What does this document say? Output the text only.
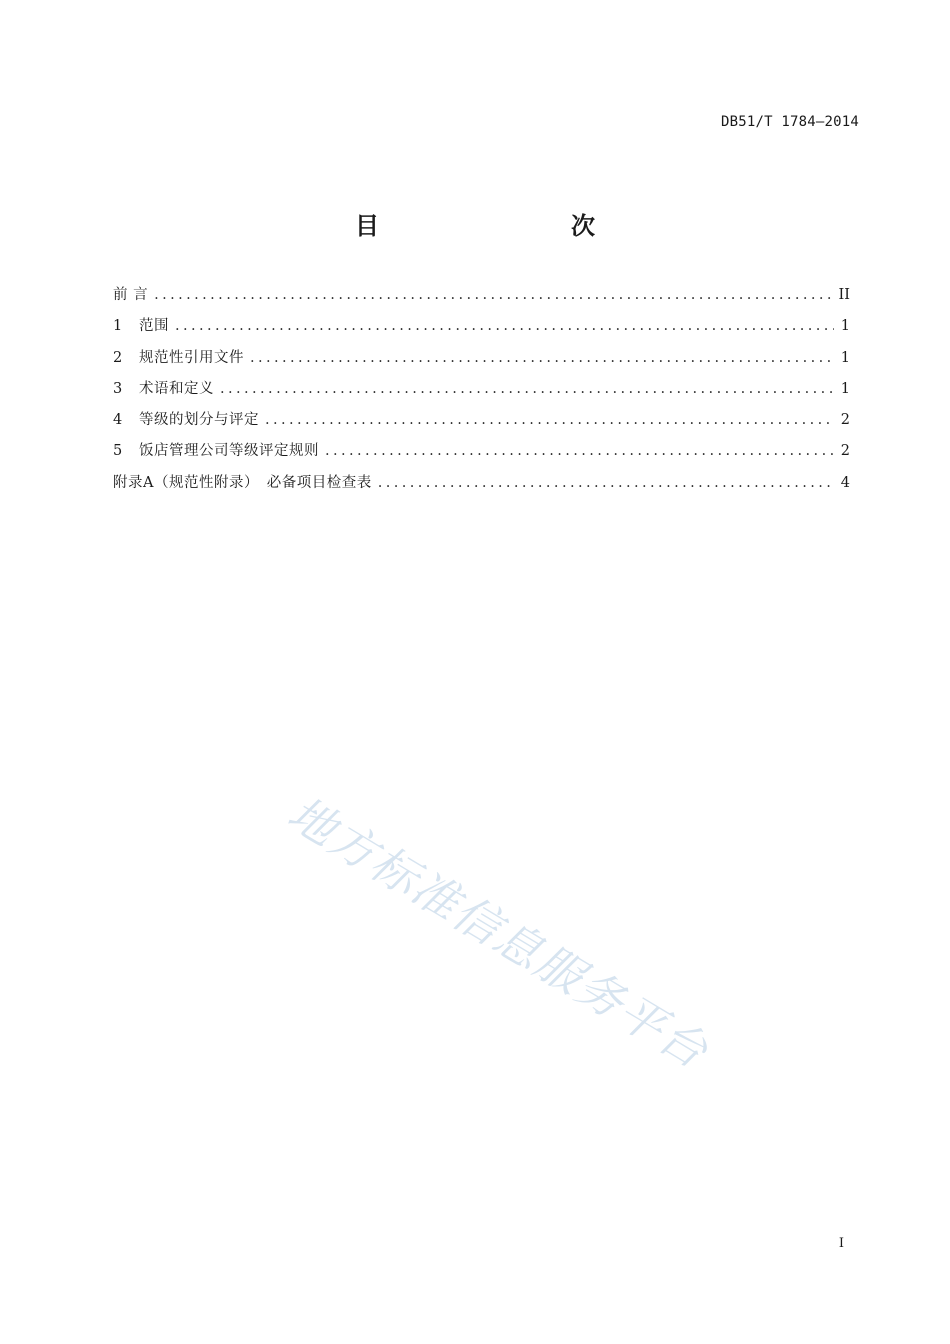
DB51/T 1784—2014
目　　次
前 言 .....	II
1	范围 .....	1
2	规范性引用文件 .....	1
3	术语和定义 .....	1
4	等级的划分与评定 .....	2
5	饭店管理公司等级评定规则 .....	2
附录A（规范性附录）　必备项目检查表 .....	4
地方标准信息服务平台
I
